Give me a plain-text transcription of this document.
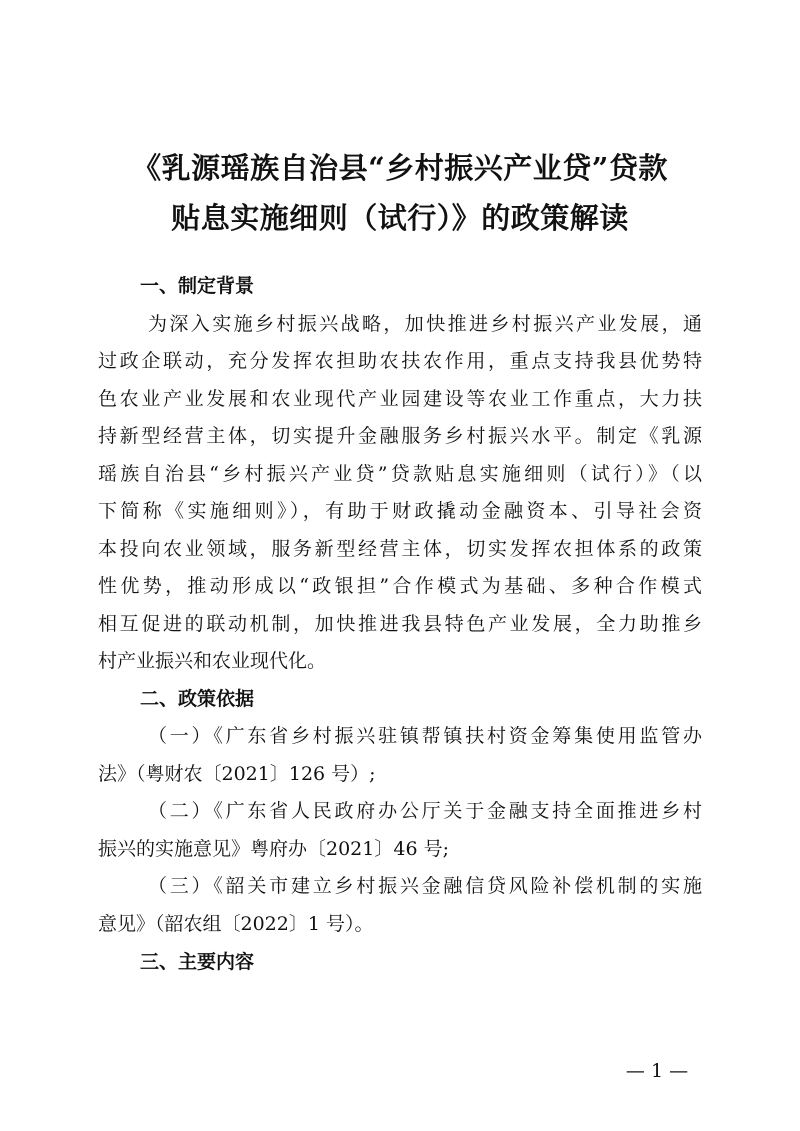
《乳源瑶族自治县“乡村振兴产业贷”贷款
贴息实施细则（试行）》的政策解读
一、制定背景
为深入实施乡村振兴战略，加快推进乡村振兴产业发展，通
过政企联动，充分发挥农担助农扶农作用，重点支持我县优势特
色农业产业发展和农业现代产业园建设等农业工作重点，大力扶
持新型经营主体，切实提升金融服务乡村振兴水平。制定《乳源
瑶族自治县“乡村振兴产业贷”贷款贴息实施细则（试行）》（以
下简称《实施细则》），有助于财政撬动金融资本、引导社会资
本投向农业领域，服务新型经营主体，切实发挥农担体系的政策
性优势，推动形成以“政银担”合作模式为基础、多种合作模式
相互促进的联动机制，加快推进我县特色产业发展，全力助推乡
村产业振兴和农业现代化。
二、政策依据
（一）《广东省乡村振兴驻镇帮镇扶村资金筹集使用监管办
法》（粤财农〔2021〕126 号）;
（二）《广东省人民政府办公厅关于金融支持全面推进乡村
振兴的实施意见》粤府办〔2021〕46 号;
（三）《韶关市建立乡村振兴金融信贷风险补偿机制的实施
意见》（韶农组〔2022〕1 号）。
三、主要内容
— 1 —
